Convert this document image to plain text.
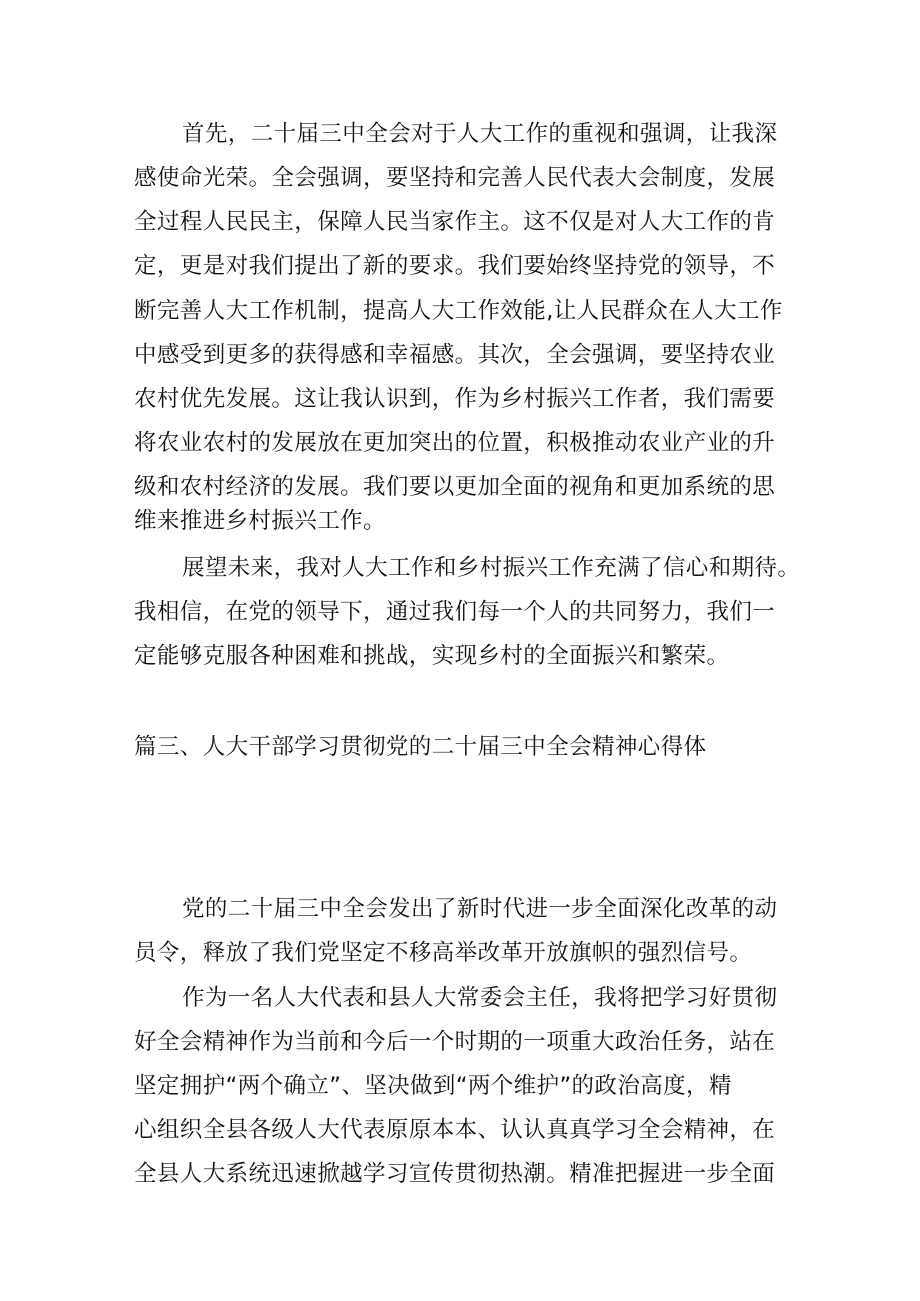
首先，二十届三中全会对于人大工作的重视和强调，让我深
感使命光荣。全会强调，要坚持和完善人民代表大会制度，发展
全过程人民民主，保障人民当家作主。这不仅是对人大工作的肯
定，更是对我们提出了新的要求。我们要始终坚持党的领导，不
断完善人大工作机制，提高人大工作效能,让人民群众在人大工作
中感受到更多的获得感和幸福感。其次，全会强调，要坚持农业
农村优先发展。这让我认识到，作为乡村振兴工作者，我们需要
将农业农村的发展放在更加突出的位置，积极推动农业产业的升
级和农村经济的发展。我们要以更加全面的视角和更加系统的思
维来推进乡村振兴工作。
展望未来，我对人大工作和乡村振兴工作充满了信心和期待。
我相信，在党的领导下，通过我们每一个人的共同努力，我们一
定能够克服各种困难和挑战，实现乡村的全面振兴和繁荣。
篇三、人大干部学习贯彻党的二十届三中全会精神心得体
党的二十届三中全会发出了新时代进一步全面深化改革的动
员令，释放了我们党坚定不移高举改革开放旗帜的强烈信号。
作为一名人大代表和县人大常委会主任，我将把学习好贯彻
好全会精神作为当前和今后一个时期的一项重大政治任务，站在
坚定拥护“两个确立”、坚决做到“两个维护”的政治高度，精
心组织全县各级人大代表原原本本、认认真真学习全会精神，在
全县人大系统迅速掀越学习宣传贯彻热潮。精准把握进一步全面
